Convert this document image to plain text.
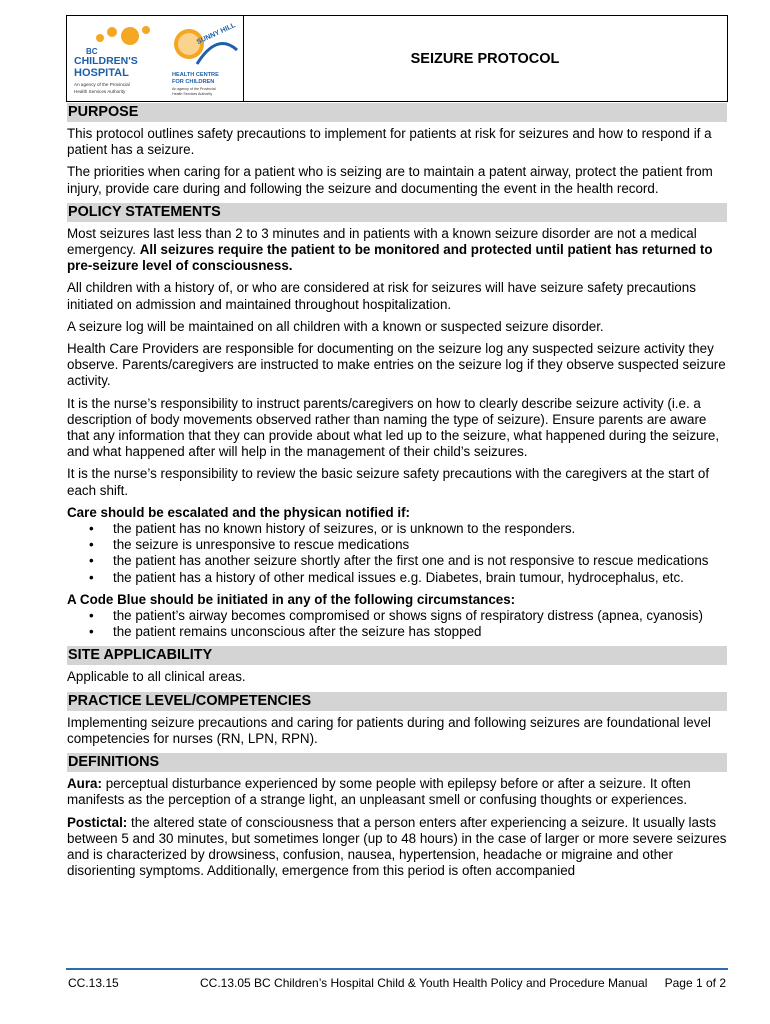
BC
CHILDREN'S
HOSPITAL
An agency of the Provincial
Health Services Authority
SUNNY HILL
HEALTH CENTRE
FOR CHILDREN
An agency of the Provincial
Health Services Authority
SEIZURE PROTOCOL
PURPOSE

This protocol outlines safety precautions to implement for patients at risk for seizures and how to respond if a patient has a seizure.

The priorities when caring for a patient who is seizing are to maintain a patent airway, protect the patient from injury, provide care during and following the seizure and documenting the event in the health record.

POLICY STATEMENTS

Most seizures last less than 2 to 3 minutes and in patients with a known seizure disorder are not a medical emergency. All seizures require the patient to be monitored and protected until patient has returned to pre-seizure level of consciousness.

All children with a history of, or who are considered at risk for seizures will have seizure safety precautions initiated on admission and maintained throughout hospitalization.

A seizure log will be maintained on all children with a known or suspected seizure disorder.

Health Care Providers are responsible for documenting on the seizure log any suspected seizure activity they observe. Parents/caregivers are instructed to make entries on the seizure log if they observe suspected seizure activity.

It is the nurse’s responsibility to instruct parents/caregivers on how to clearly describe seizure activity (i.e. a description of body movements observed rather than naming the type of seizure). Ensure parents are aware that any information that they can provide about what led up to the seizure, what happened during the seizure, and what happened after will help in the management of their child’s seizures.

It is the nurse’s responsibility to review the basic seizure safety precautions with the caregivers at the start of each shift.

Care should be escalated and the physican notified if:
• the patient has no known history of seizures, or is unknown to the responders.
• the seizure is unresponsive to rescue medications
• the patient has another seizure shortly after the first one and is not responsive to rescue medications
• the patient has a history of other medical issues e.g. Diabetes, brain tumour, hydrocephalus, etc.
A Code Blue should be initiated in any of the following circumstances:
• the patient’s airway becomes compromised or shows signs of respiratory distress (apnea, cyanosis)
• the patient remains unconscious after the seizure has stopped
SITE APPLICABILITY

Applicable to all clinical areas.

PRACTICE LEVEL/COMPETENCIES

Implementing seizure precautions and caring for patients during and following seizures are foundational level competencies for nurses (RN, LPN, RPN).

DEFINITIONS

Aura: perceptual disturbance experienced by some people with epilepsy before or after a seizure. It often manifests as the perception of a strange light, an unpleasant smell or confusing thoughts or experiences.

Postictal: the altered state of consciousness that a person enters after experiencing a seizure. It usually lasts between 5 and 30 minutes, but sometimes longer (up to 48 hours) in the case of larger or more severe seizures and is characterized by drowsiness, confusion, nausea, hypertension, headache or migraine and other disorienting symptoms. Additionally, emergence from this period is often accompanied

CC.13.15	CC.13.05 BC Children’s Hospital Child & Youth Health Policy and Procedure Manual Page 1 of 2
